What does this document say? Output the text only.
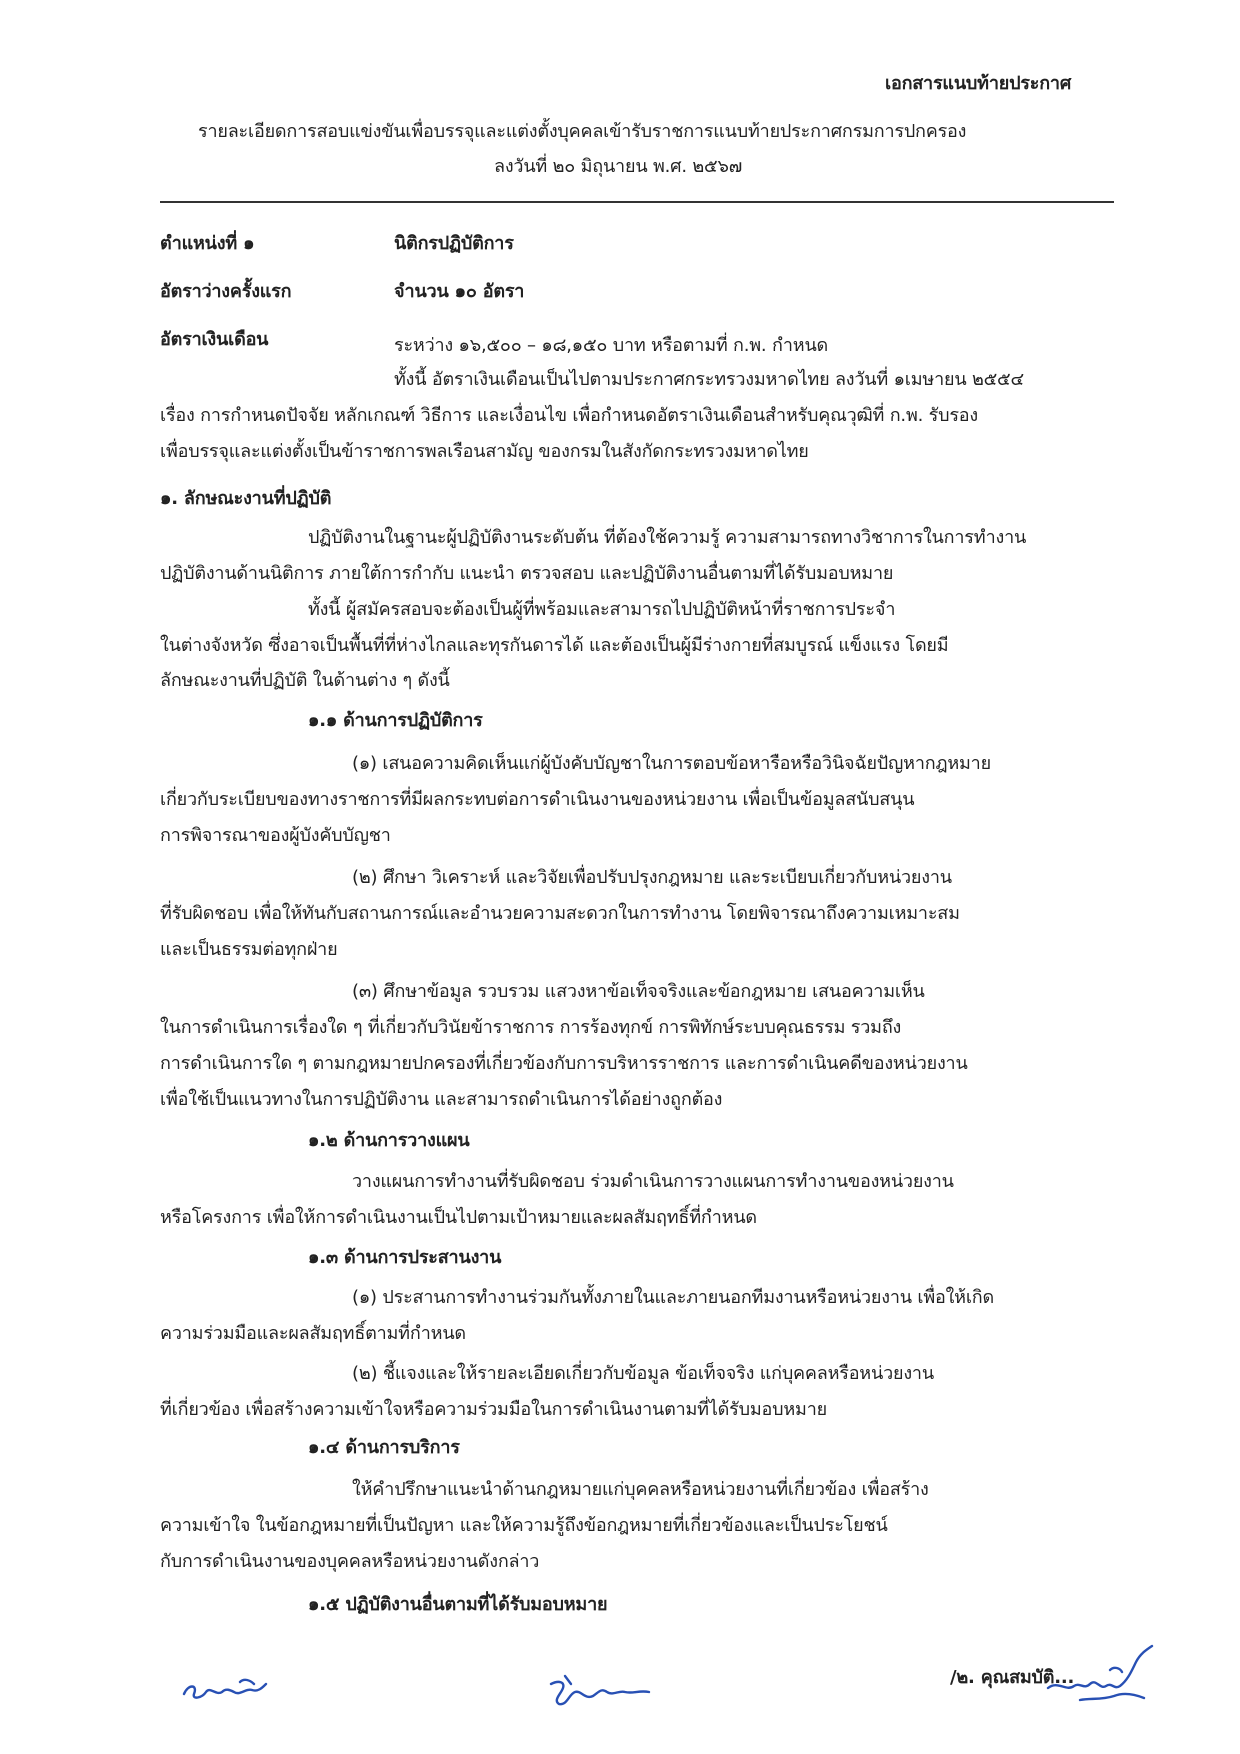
เอกสารแนบท้ายประกาศ
รายละเอียดการสอบแข่งขันเพื่อบรรจุและแต่งตั้งบุคคลเข้ารับราชการแนบท้ายประกาศกรมการปกครอง
ลงวันที่ ๒๐ มิถุนายน พ.ศ. ๒๕๖๗
ตำแหน่งที่ ๑	นิติกรปฏิบัติการ
อัตราว่างครั้งแรก	จำนวน ๑๐ อัตรา
อัตราเงินเดือน	ระหว่าง ๑๖,๕๐๐ – ๑๘,๑๕๐ บาท หรือตามที่ ก.พ. กำหนด
ทั้งนี้ อัตราเงินเดือนเป็นไปตามประกาศกระทรวงมหาดไทย ลงวันที่ ๑เมษายน ๒๕๕๔
เรื่อง การกำหนดปัจจัย หลักเกณฑ์ วิธีการ และเงื่อนไข เพื่อกำหนดอัตราเงินเดือนสำหรับคุณวุฒิที่ ก.พ. รับรอง
เพื่อบรรจุและแต่งตั้งเป็นข้าราชการพลเรือนสามัญ ของกรมในสังกัดกระทรวงมหาดไทย
๑. ลักษณะงานที่ปฏิบัติ
ปฏิบัติงานในฐานะผู้ปฏิบัติงานระดับต้น ที่ต้องใช้ความรู้ ความสามารถทางวิชาการในการทำงาน
ปฏิบัติงานด้านนิติการ ภายใต้การกำกับ แนะนำ ตรวจสอบ และปฏิบัติงานอื่นตามที่ได้รับมอบหมาย
ทั้งนี้ ผู้สมัครสอบจะต้องเป็นผู้ที่พร้อมและสามารถไปปฏิบัติหน้าที่ราชการประจำ
ในต่างจังหวัด ซึ่งอาจเป็นพื้นที่ที่ห่างไกลและทุรกันดารได้ และต้องเป็นผู้มีร่างกายที่สมบูรณ์ แข็งแรง โดยมี
ลักษณะงานที่ปฏิบัติ ในด้านต่าง ๆ ดังนี้
๑.๑ ด้านการปฏิบัติการ
(๑) เสนอความคิดเห็นแก่ผู้บังคับบัญชาในการตอบข้อหารือหรือวินิจฉัยปัญหากฎหมาย
เกี่ยวกับระเบียบของทางราชการที่มีผลกระทบต่อการดำเนินงานของหน่วยงาน เพื่อเป็นข้อมูลสนับสนุน
การพิจารณาของผู้บังคับบัญชา
(๒) ศึกษา วิเคราะห์ และวิจัยเพื่อปรับปรุงกฎหมาย และระเบียบเกี่ยวกับหน่วยงาน
ที่รับผิดชอบ เพื่อให้ทันกับสถานการณ์และอำนวยความสะดวกในการทำงาน โดยพิจารณาถึงความเหมาะสม
และเป็นธรรมต่อทุกฝ่าย
(๓) ศึกษาข้อมูล รวบรวม แสวงหาข้อเท็จจริงและข้อกฎหมาย เสนอความเห็น
ในการดำเนินการเรื่องใด ๆ ที่เกี่ยวกับวินัยข้าราชการ การร้องทุกข์ การพิทักษ์ระบบคุณธรรม รวมถึง
การดำเนินการใด ๆ ตามกฎหมายปกครองที่เกี่ยวข้องกับการบริหารราชการ และการดำเนินคดีของหน่วยงาน
เพื่อใช้เป็นแนวทางในการปฏิบัติงาน และสามารถดำเนินการได้อย่างถูกต้อง
๑.๒ ด้านการวางแผน
วางแผนการทำงานที่รับผิดชอบ ร่วมดำเนินการวางแผนการทำงานของหน่วยงาน
หรือโครงการ เพื่อให้การดำเนินงานเป็นไปตามเป้าหมายและผลสัมฤทธิ์ที่กำหนด
๑.๓ ด้านการประสานงาน
(๑) ประสานการทำงานร่วมกันทั้งภายในและภายนอกทีมงานหรือหน่วยงาน เพื่อให้เกิด
ความร่วมมือและผลสัมฤทธิ์ตามที่กำหนด
(๒) ชี้แจงและให้รายละเอียดเกี่ยวกับข้อมูล ข้อเท็จจริง แก่บุคคลหรือหน่วยงาน
ที่เกี่ยวข้อง เพื่อสร้างความเข้าใจหรือความร่วมมือในการดำเนินงานตามที่ได้รับมอบหมาย
๑.๔ ด้านการบริการ
ให้คำปรึกษาแนะนำด้านกฎหมายแก่บุคคลหรือหน่วยงานที่เกี่ยวข้อง เพื่อสร้าง
ความเข้าใจ ในข้อกฎหมายที่เป็นปัญหา และให้ความรู้ถึงข้อกฎหมายที่เกี่ยวข้องและเป็นประโยชน์
กับการดำเนินงานของบุคคลหรือหน่วยงานดังกล่าว
๑.๕ ปฏิบัติงานอื่นตามที่ได้รับมอบหมาย
/๒. คุณสมบัติ...
